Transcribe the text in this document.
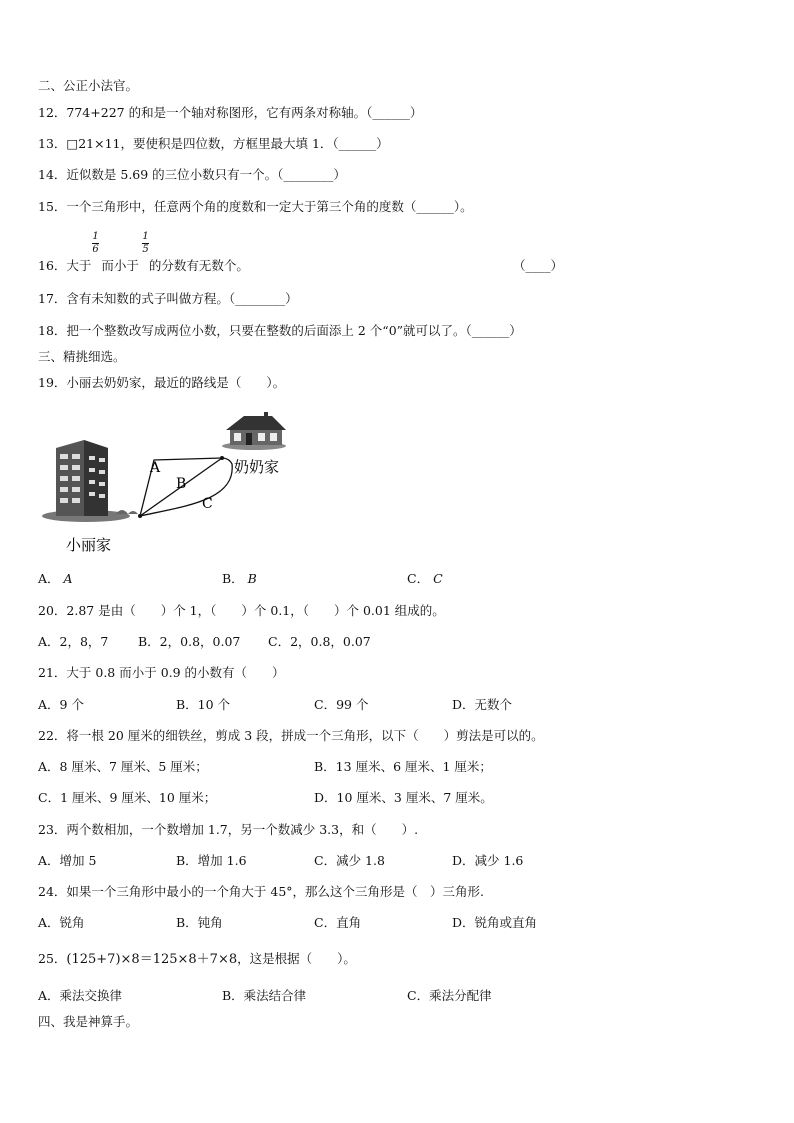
二、公正小法官。
12．774+227 的和是一个轴对称图形，它有两条对称轴。（______）
13．□21×11，要使积是四位数，方框里最大填 1．（______）
14．近似数是 5.69 的三位小数只有一个。（________）
15．一个三角形中，任意两个角的度数和一定大于第三个角的度数（______）。
1
6
1
5
16．大于 而小于 的分数有无数个。	（____）
17．含有未知数的式子叫做方程。（________）
18．把一个整数改写成两位小数，只要在整数的后面添上 2 个“0”就可以了。（______）
三、精挑细选。
19．小丽去奶奶家，最近的路线是（　　）。
A
B
C
奶奶家
小丽家
A． A	B． B	C． C
20．2.87 是由（　　）个 1，（　　）个 0.1，（　　）个 0.01 组成的。
A．2，8，7 B．2，0.8，0.07 C．2，0.8，0.07
21．大于 0.8 而小于 0.9 的小数有（　　）
A．9 个	B．10 个	C．99 个	D．无数个
22．将一根 20 厘米的细铁丝，剪成 3 段，拼成一个三角形，以下（　　）剪法是可以的。
A．8 厘米、7 厘米、5 厘米；	B．13 厘米、6 厘米、1 厘米；
C．1 厘米、9 厘米、10 厘米；	D．10 厘米、3 厘米、7 厘米。
23．两个数相加，一个数增加 1.7，另一个数减少 3.3，和（　　）.
A．增加 5	B．增加 1.6	C．减少 1.8	D．减少 1.6
24．如果一个三角形中最小的一个角大于 45°，那么这个三角形是（　）三角形.
A．锐角	B．钝角	C．直角	D．锐角或直角
25．(125+7)×8＝125×8＋7×8，这是根据（　　）。
A．乘法交换律	B．乘法结合律	C．乘法分配律
四、我是神算手。
